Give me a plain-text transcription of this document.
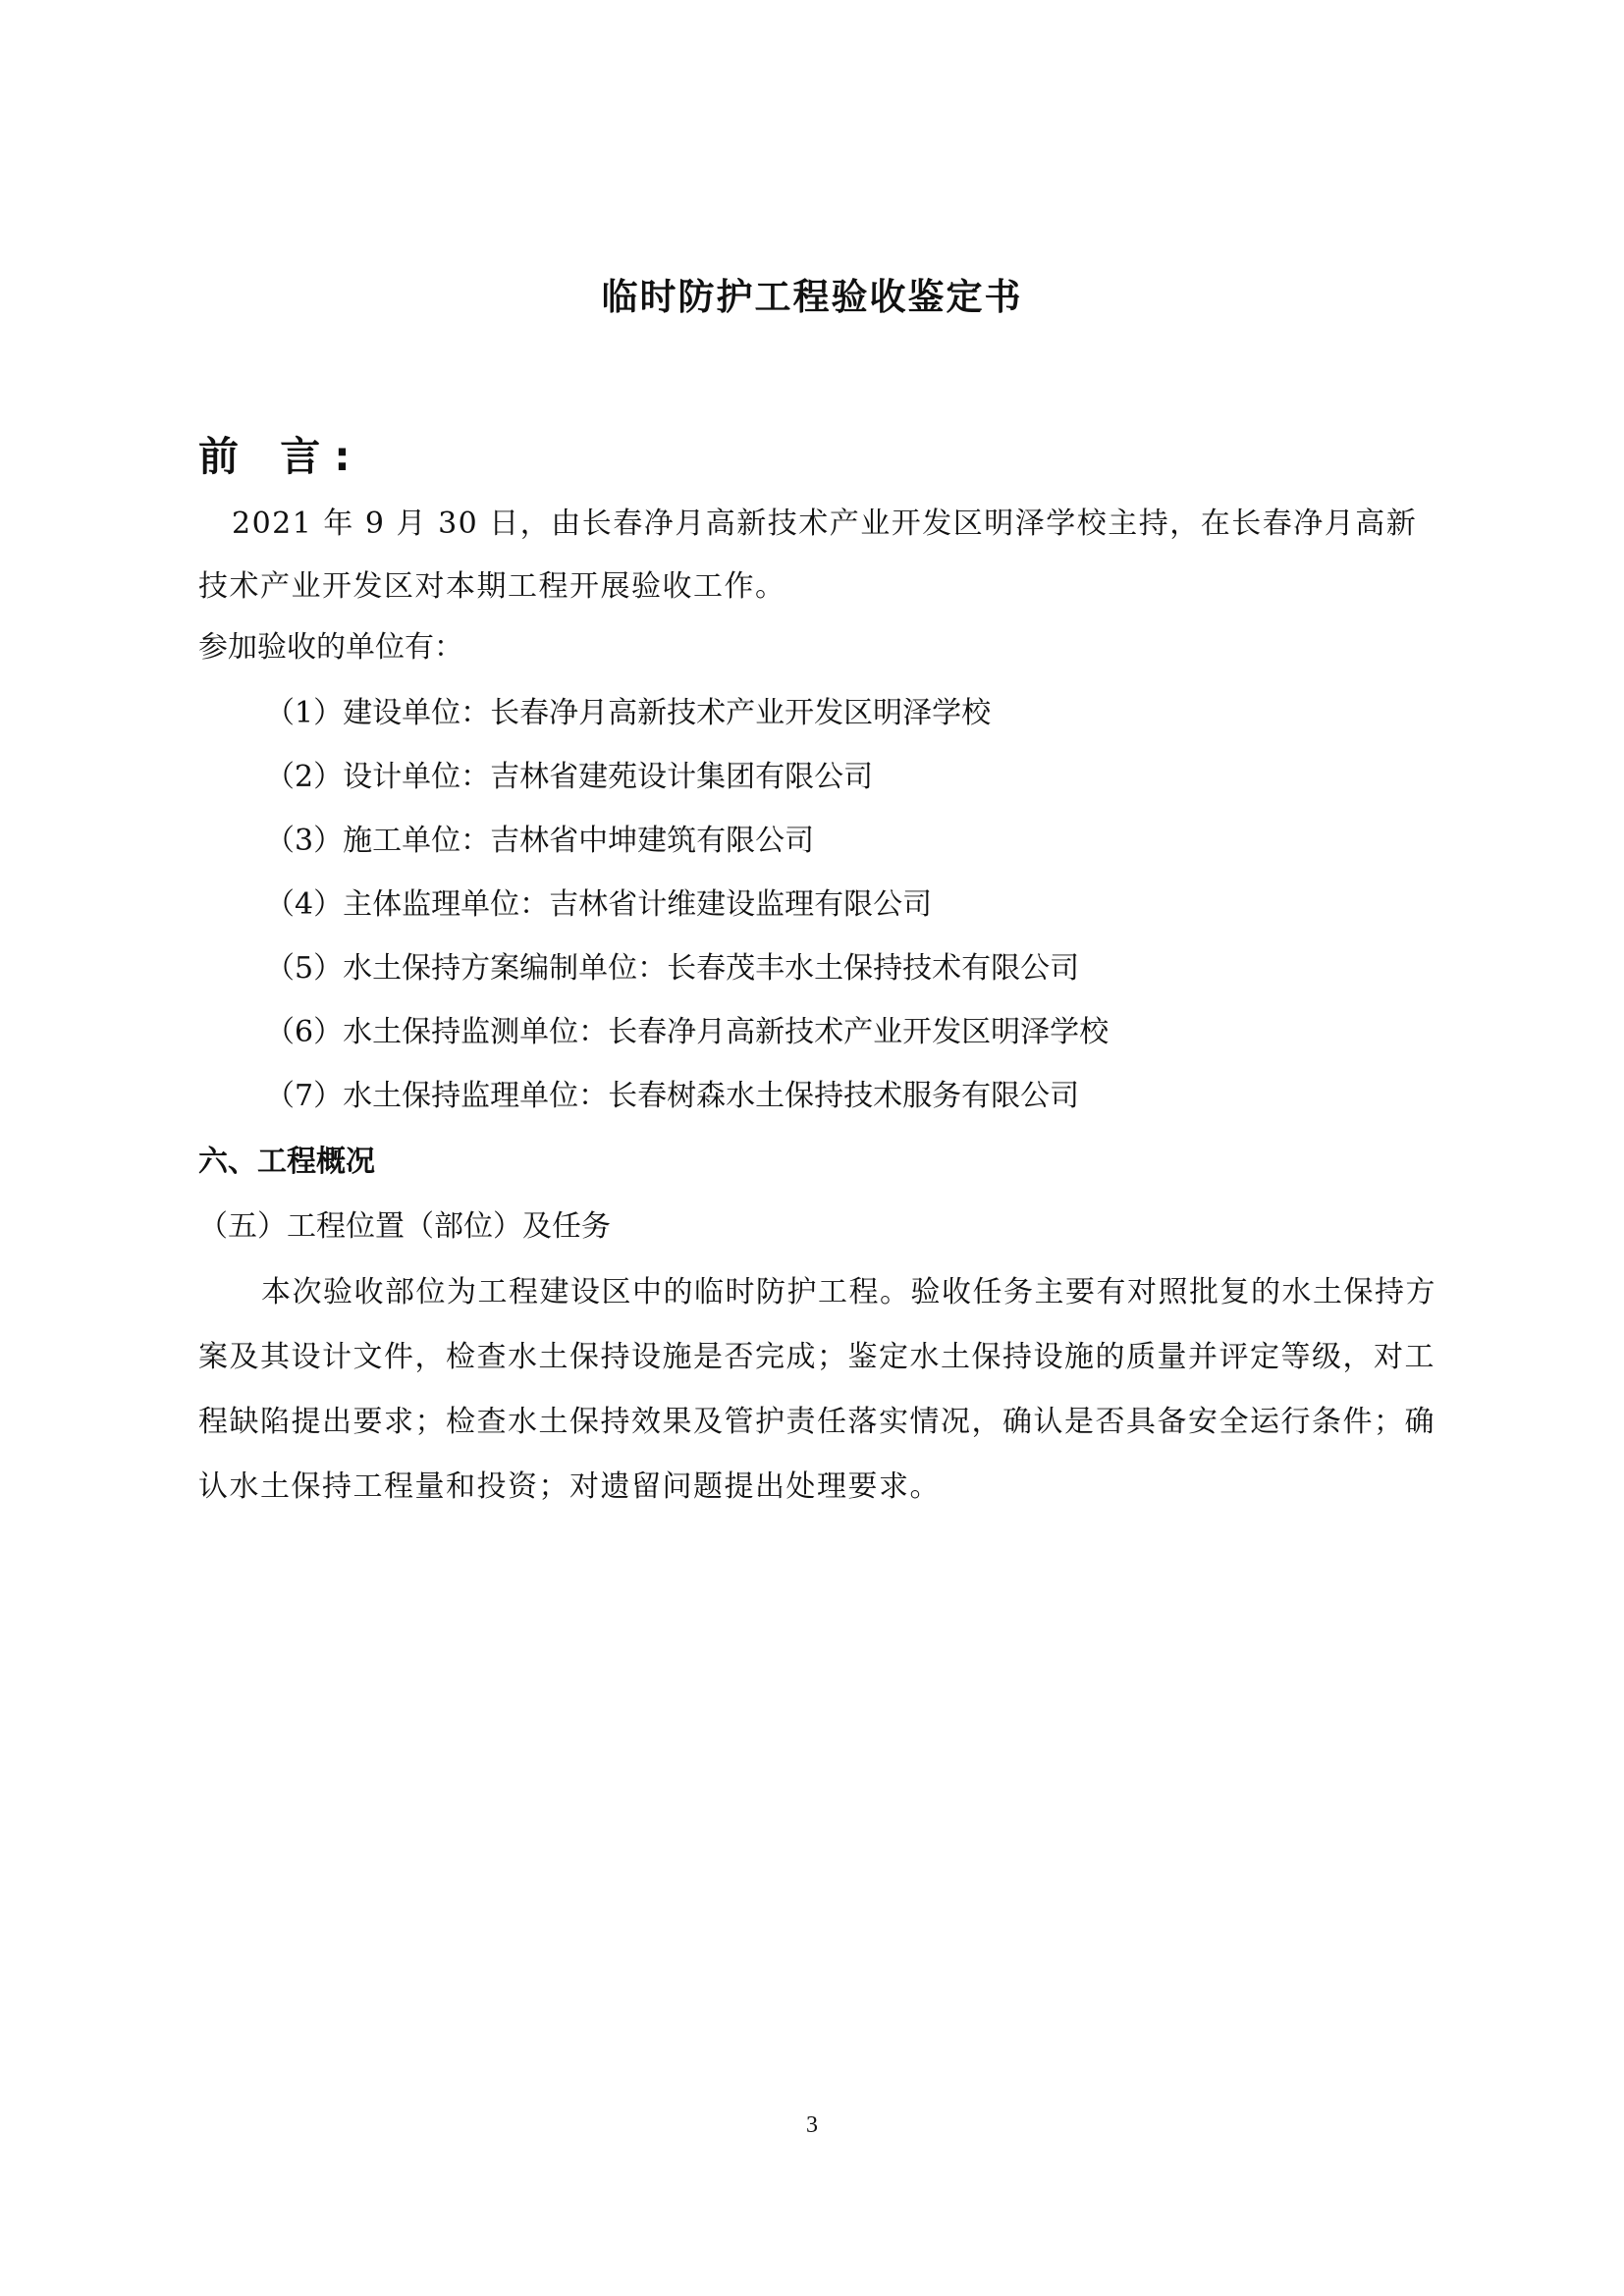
临时防护工程验收鉴定书
前 言:
2021 年 9 月 30 日，由长春净月高新技术产业开发区明泽学校主持，在长春净月高新技术产业开发区对本期工程开展验收工作。
参加验收的单位有：
（1）建设单位：长春净月高新技术产业开发区明泽学校
（2）设计单位：吉林省建苑设计集团有限公司
（3）施工单位：吉林省中坤建筑有限公司
（4）主体监理单位：吉林省计维建设监理有限公司
（5）水土保持方案编制单位：长春茂丰水土保持技术有限公司
（6）水土保持监测单位：长春净月高新技术产业开发区明泽学校
（7）水土保持监理单位：长春树森水土保持技术服务有限公司
六、工程概况
（五）工程位置（部位）及任务
本次验收部位为工程建设区中的临时防护工程。验收任务主要有对照批复的水土保持方案及其设计文件，检查水土保持设施是否完成；鉴定水土保持设施的质量并评定等级，对工程缺陷提出要求；检查水土保持效果及管护责任落实情况，确认是否具备安全运行条件；确认水土保持工程量和投资；对遗留问题提出处理要求。
3
